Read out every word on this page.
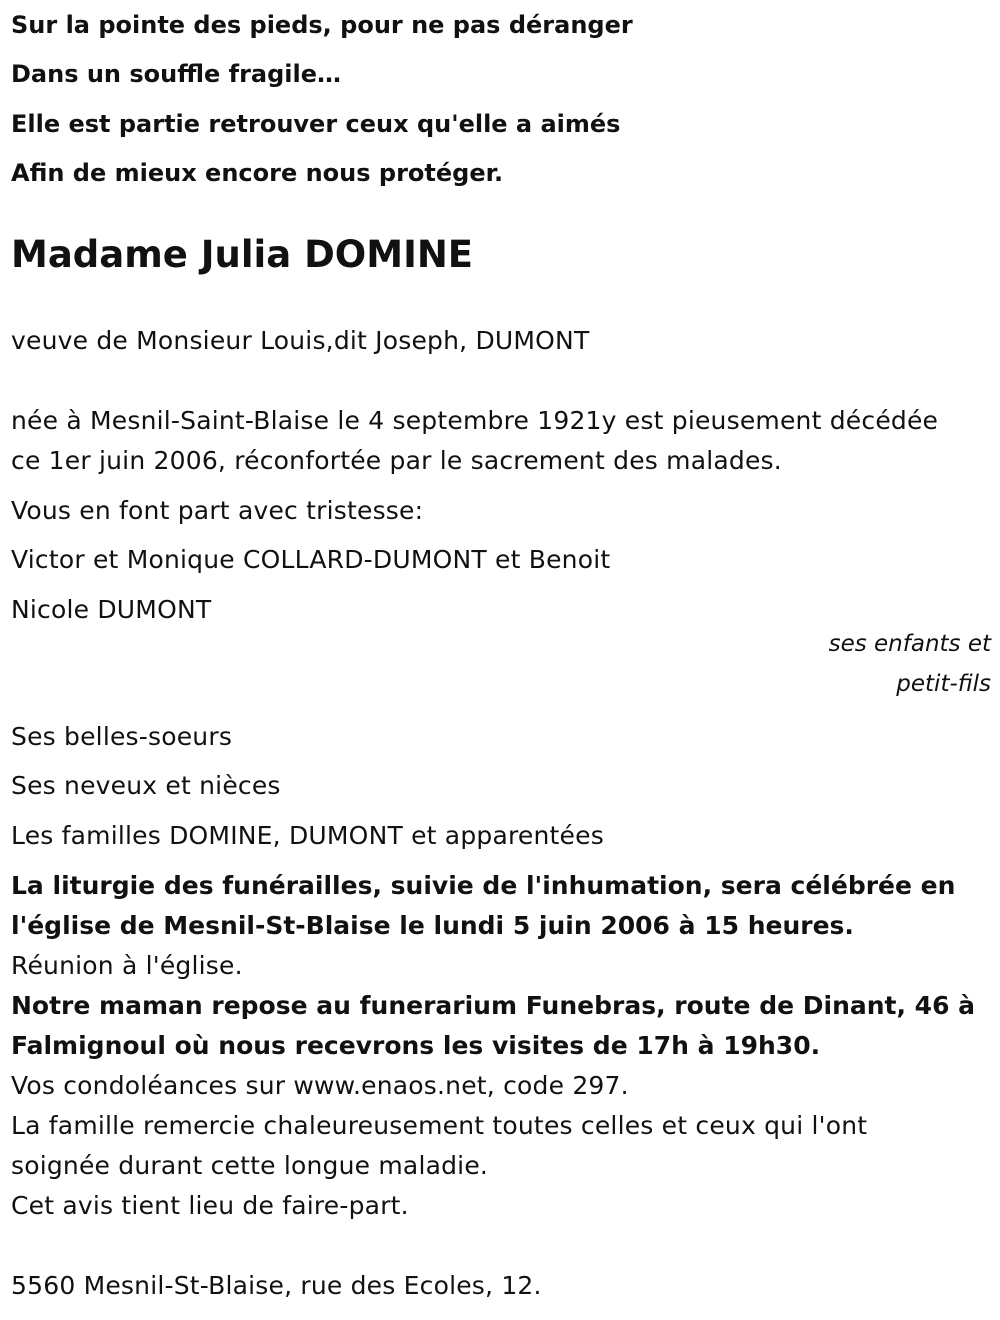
Sur la pointe des pieds, pour ne pas déranger
Dans un souffle fragile…
Elle est partie retrouver ceux qu'elle a aimés
Afin de mieux encore nous protéger.
Madame Julia DOMINE
veuve de Monsieur Louis,dit Joseph, DUMONT
née à Mesnil-Saint-Blaise le 4 septembre 1921y est pieusement décédée
ce 1er juin 2006, réconfortée par le sacrement des malades.
Vous en font part avec tristesse:
Victor et Monique COLLARD-DUMONT et Benoit
Nicole DUMONT
ses enfants et
petit-fils
Ses belles-soeurs
Ses neveux et nièces
Les familles DOMINE, DUMONT et apparentées
La liturgie des funérailles, suivie de l'inhumation, sera célébrée en
l'église de Mesnil-St-Blaise le lundi 5 juin 2006 à 15 heures.
Réunion à l'église.
Notre maman repose au funerarium Funebras, route de Dinant, 46 à
Falmignoul où nous recevrons les visites de 17h à 19h30.
Vos condoléances sur www.enaos.net, code 297.
La famille remercie chaleureusement toutes celles et ceux qui l'ont
soignée durant cette longue maladie.
Cet avis tient lieu de faire-part.
5560 Mesnil-St-Blaise, rue des Ecoles, 12.
